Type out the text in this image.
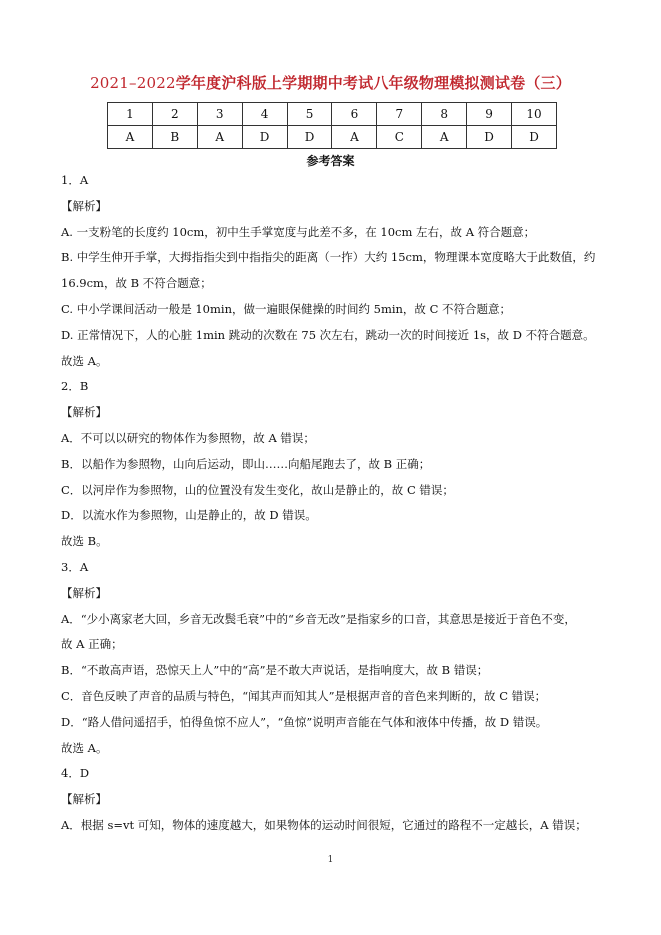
2021–2022学年度沪科版上学期期中考试八年级物理模拟测试卷（三）
1	2	3	4	5	6	7	8	9	10
A	B	A	D	D	A	C	A	D	D
参考答案

1．A

【解析】

A. 一支粉笔的长度约 10cm，初中生手掌宽度与此差不多，在 10cm 左右，故 A 符合题意；

B. 中学生伸开手掌，大拇指指尖到中指指尖的距离（一拃）大约 15cm，物理课本宽度略大于此数值，约 16.9cm，故 B 不符合题意；

C. 中小学课间活动一般是 10min，做一遍眼保健操的时间约 5min，故 C 不符合题意；

D. 正常情况下，人的心脏 1min 跳动的次数在 75 次左右，跳动一次的时间接近 1s，故 D 不符合题意。

故选 A。

2．B

【解析】

A．不可以以研究的物体作为参照物，故 A 错误；

B．以船作为参照物，山向后运动，即山……向船尾跑去了，故 B 正确；

C．以河岸作为参照物，山的位置没有发生变化，故山是静止的，故 C 错误；

D．以流水作为参照物，山是静止的，故 D 错误。

故选 B。

3．A

【解析】

A．“少小离家老大回，乡音无改鬓毛衰”中的“乡音无改”是指家乡的口音，其意思是接近于音色不变，

故 A 正确；

B．“不敢高声语，恐惊天上人”中的“高”是不敢大声说话，是指响度大，故 B 错误；

C．音色反映了声音的品质与特色，“闻其声而知其人”是根据声音的音色来判断的，故 C 错误；

D．“路人借问遥招手，怕得鱼惊不应人”，“鱼惊”说明声音能在气体和液体中传播，故 D 错误。

故选 A。

4．D

【解析】

A．根据 s=vt 可知，物体的速度越大，如果物体的运动时间很短，它通过的路程不一定越长，A 错误；

1
